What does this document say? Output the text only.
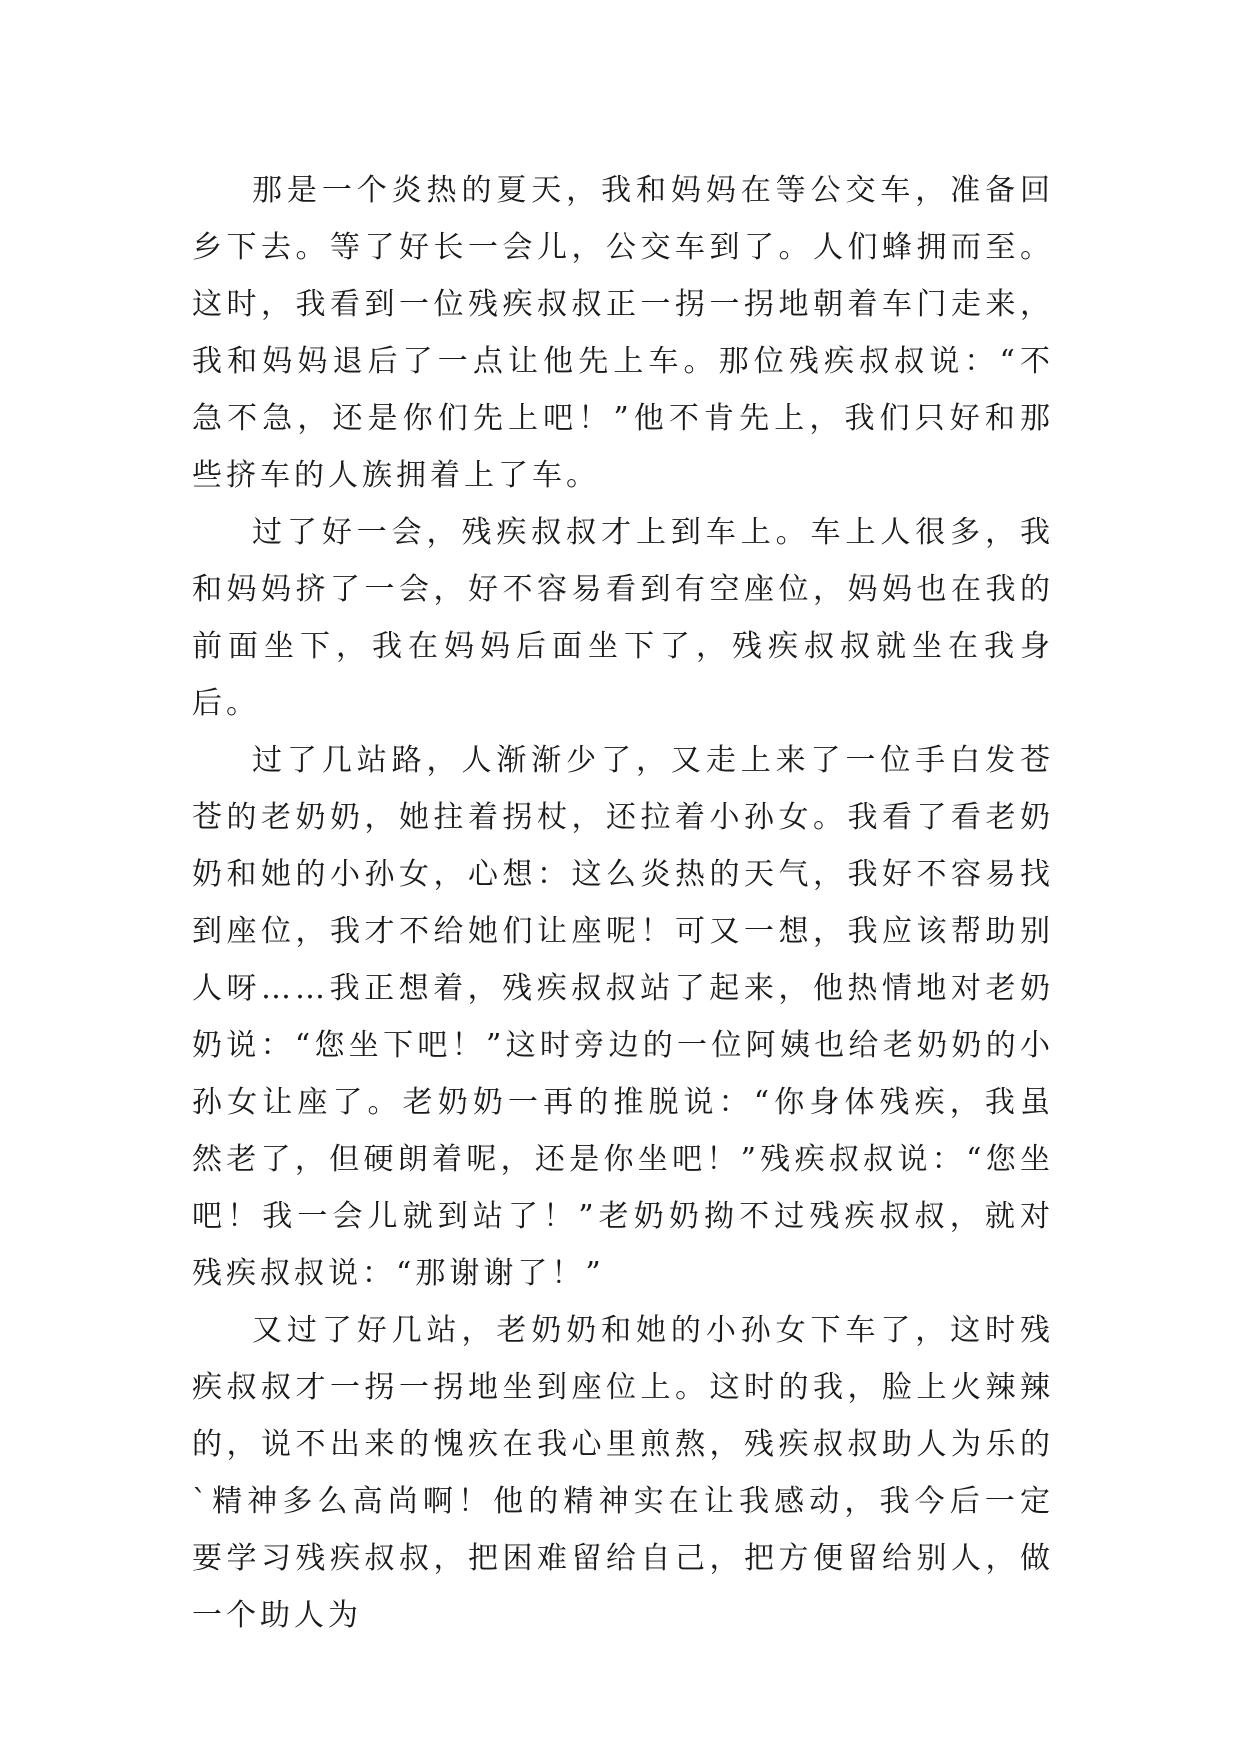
那是一个炎热的夏天，我和妈妈在等公交车，准备回乡下去。等了好长一会儿，公交车到了。人们蜂拥而至。这时，我看到一位残疾叔叔正一拐一拐地朝着车门走来，我和妈妈退后了一点让他先上车。那位残疾叔叔说：“不急不急，还是你们先上吧！”他不肯先上，我们只好和那些挤车的人族拥着上了车。

过了好一会，残疾叔叔才上到车上。车上人很多，我和妈妈挤了一会，好不容易看到有空座位，妈妈也在我的前面坐下，我在妈妈后面坐下了，残疾叔叔就坐在我身后。

过了几站路，人渐渐少了，又走上来了一位手白发苍苍的老奶奶，她拄着拐杖，还拉着小孙女。我看了看老奶奶和她的小孙女，心想：这么炎热的天气，我好不容易找到座位，我才不给她们让座呢！可又一想，我应该帮助别人呀……我正想着，残疾叔叔站了起来，他热情地对老奶奶说：“您坐下吧！”这时旁边的一位阿姨也给老奶奶的小孙女让座了。老奶奶一再的推脱说：“你身体残疾，我虽然老了，但硬朗着呢，还是你坐吧！”残疾叔叔说：“您坐吧！我一会儿就到站了！”老奶奶拗不过残疾叔叔，就对残疾叔叔说：“那谢谢了！”

又过了好几站，老奶奶和她的小孙女下车了，这时残疾叔叔才一拐一拐地坐到座位上。这时的我，脸上火辣辣的，说不出来的愧疚在我心里煎熬，残疾叔叔助人为乐的`精神多么高尚啊！他的精神实在让我感动，我今后一定要学习残疾叔叔，把困难留给自己，把方便留给别人，做一个助人为
